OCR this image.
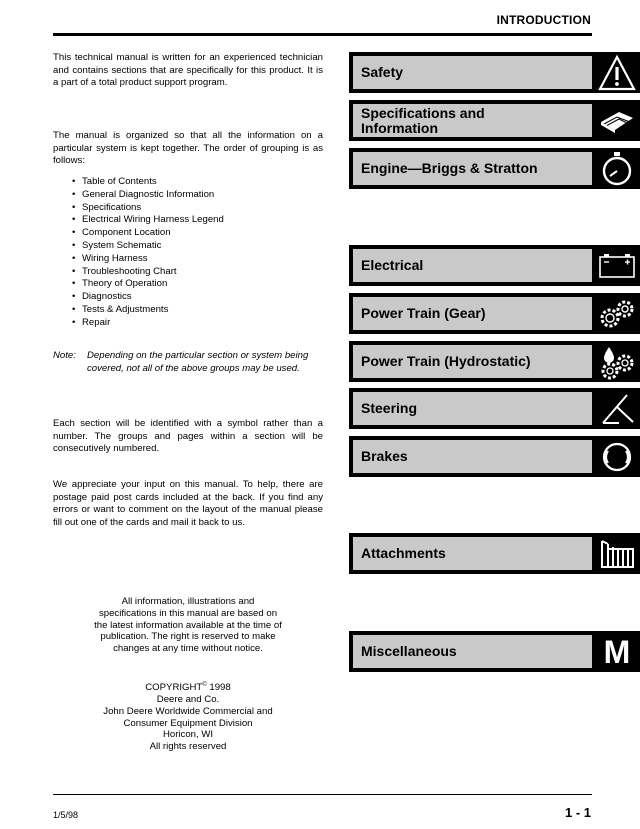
INTRODUCTION
This technical manual is written for an experienced technician and contains sections that are specifically for this product. It is a part of a total product support program.
The manual is organized so that all the information on a particular system is kept together. The order of grouping is as follows:
• Table of Contents
• General Diagnostic Information
• Specifications
• Electrical Wiring Harness Legend
• Component Location
• System Schematic
• Wiring Harness
• Troubleshooting Chart
• Theory of Operation
• Diagnostics
• Tests & Adjustments
• Repair
Note: Depending on the particular section or system being covered, not all of the above groups may be used.
Each section will be identified with a symbol rather than a number. The groups and pages within a section will be consecutively numbered.
We appreciate your input on this manual. To help, there are postage paid post cards included at the back. If you find any errors or want to comment on the layout of the manual please fill out one of the cards and mail it back to us.
All information, illustrations and
specifications in this manual are based on
the latest information available at the time of
publication. The right is reserved to make
changes at any time without notice.
COPYRIGHT© 1998
Deere and Co.
John Deere Worldwide Commercial and
Consumer Equipment Division
Horicon, WI
All rights reserved
Safety
Specifications and
Information
Engine—Briggs & Stratton
Electrical
Power Train (Gear)
Power Train (Hydrostatic)
Steering
Brakes
Attachments
Miscellaneous	M
1/5/98	1 - 1
